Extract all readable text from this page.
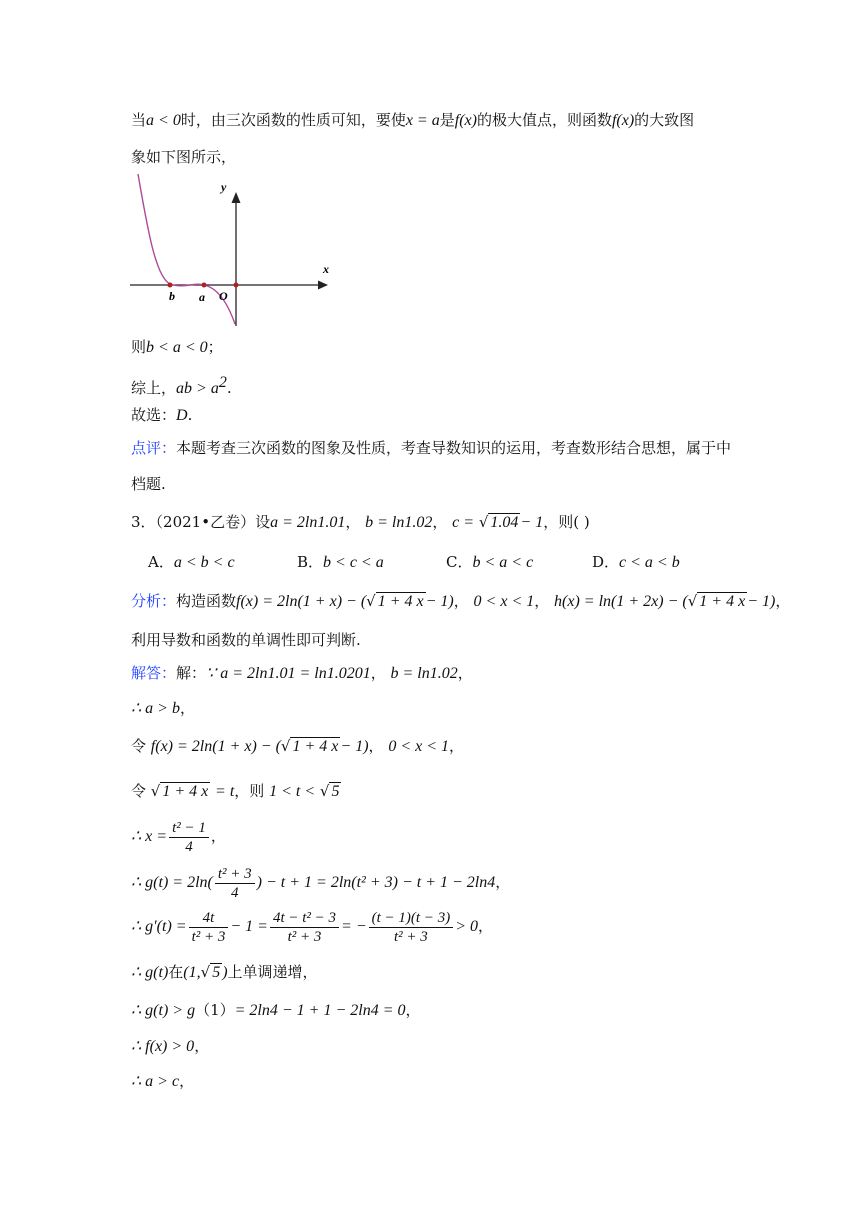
当a < 0时，由三次函数的性质可知，要使x = a是f(x)的极大值点，则函数f(x)的大致图
象如下图所示，
y
x
b a O
则b < a < 0；
综上，ab > $a^2$.
故选：D.
点评：本题考查三次函数的图象及性质，考查导数知识的运用，考查数形结合思想，属于中
档题.
3．（2021•乙卷）设a = 2ln1.01， b = ln1.02， c = √ 1.04 − 1，则( )
A．a < b < c	B．b < c < a	C．b < a < c	D．c < a < b
分析：构造函数f(x) = 2ln(1 + x) − (√ 1 + 4 x − 1)， 0 < x < 1， h(x) = ln(1 + 2x) − (√ 1 + 4 x − 1)，
利用导数和函数的单调性即可判断.
解答：解：∵ a = 2ln1.01 = ln1.0201， b = ln1.02，
∴ a > b，
令 f(x) = 2ln(1 + x) − (√ 1 + 4 x − 1)， 0 < x < 1，
令 √ 1 + 4 x = t，则 1 < t < √ 5
∴ $x = \frac{\text{t² − 1}}{4}$ ，
∴ $g(t) = 2\ln( \frac{\text{t² + 3}}{4}$ ) − t + 1 = 2ln(t² + 3) − t + 1 − 2ln4，
∴ $g'(t) = \frac{4t}{\text{t² + 3}} - 1 = \frac{\text{4t − t² − 3}}{\text{t² + 3}}$ = − $\frac{(t - 1)(t - 3)}{\text{t² + 3}} > 0$，
∴ g(t)在(1,√ 5 )上单调递增，
∴ g(t) > g（1）= 2ln4 − 1 + 1 − 2ln4 = 0，
∴ f(x) > 0，
∴ a > c，
